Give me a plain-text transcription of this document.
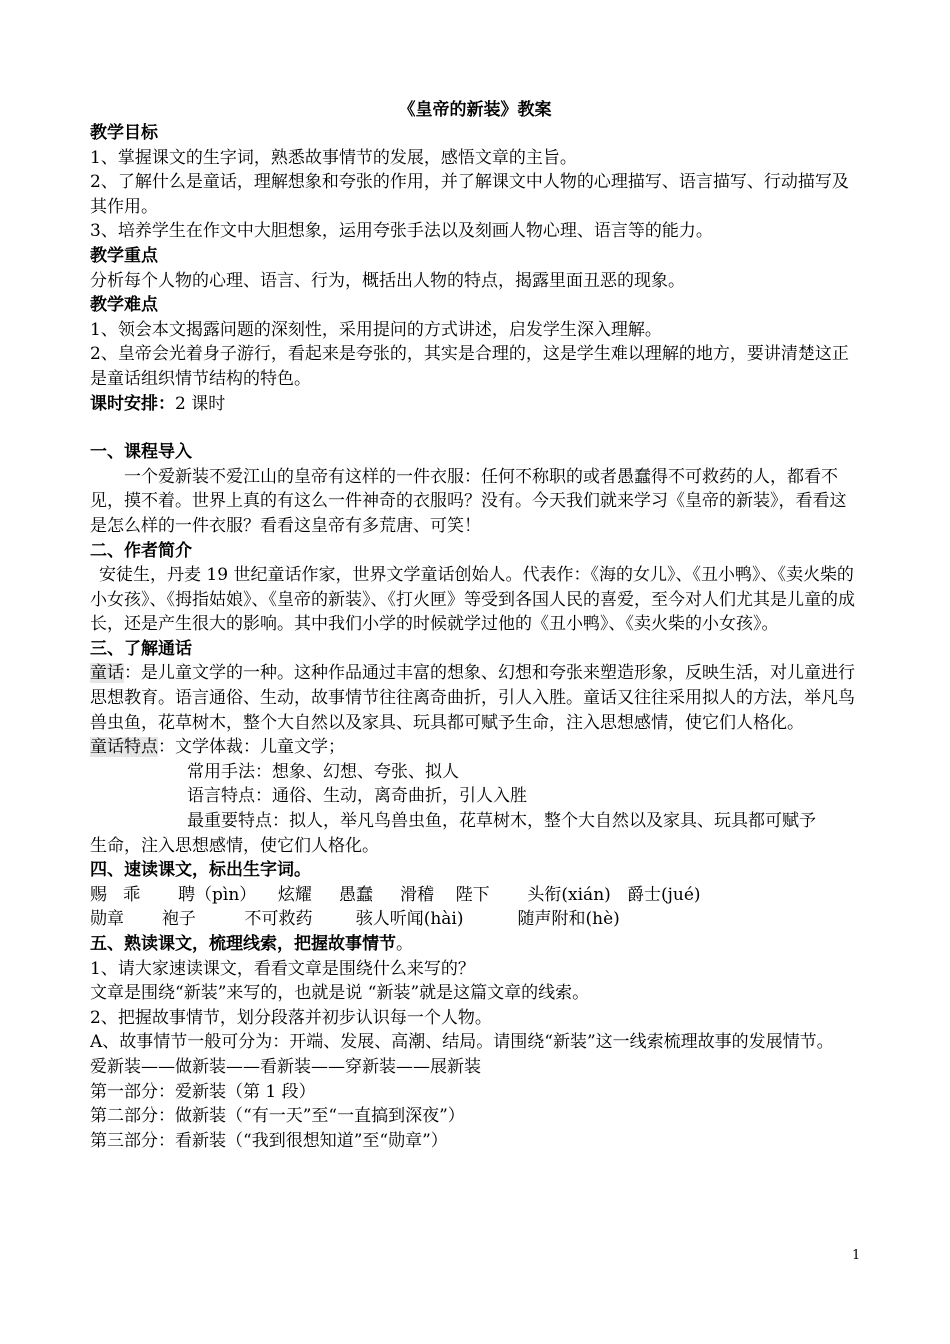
《皇帝的新装》教案

教学目标

1、掌握课文的生字词，熟悉故事情节的发展，感悟文章的主旨。

2、了解什么是童话，理解想象和夸张的作用，并了解课文中人物的心理描写、语言描写、行动描写及其作用。

3、培养学生在作文中大胆想象，运用夸张手法以及刻画人物心理、语言等的能力。

教学重点

分析每个人物的心理、语言、行为，概括出人物的特点，揭露里面丑恶的现象。

教学难点

1、领会本文揭露问题的深刻性，采用提问的方式讲述，启发学生深入理解。

2、皇帝会光着身子游行，看起来是夸张的，其实是合理的，这是学生难以理解的地方，要讲清楚这正是童话组织情节结构的特色。

课时安排：2 课时

一、课程导入

一个爱新装不爱江山的皇帝有这样的一件衣服：任何不称职的或者愚蠢得不可救药的人，都看不见，摸不着。世界上真的有这么一件神奇的衣服吗？没有。今天我们就来学习《皇帝的新装》，看看这是怎么样的一件衣服？看看这皇帝有多荒唐、可笑！

二、作者简介

安徒生，丹麦 19 世纪童话作家，世界文学童话创始人。代表作：《海的女儿》、《丑小鸭》、《卖火柴的小女孩》、《拇指姑娘》、《皇帝的新装》、《打火匣》等受到各国人民的喜爱，至今对人们尤其是儿童的成长，还是产生很大的影响。其中我们小学的时候就学过他的《丑小鸭》、《卖火柴的小女孩》。

三、了解通话

童话：是儿童文学的一种。这种作品通过丰富的想象、幻想和夸张来塑造形象，反映生活，对儿童进行思想教育。语言通俗、生动，故事情节往往离奇曲折，引人入胜。童话又往往采用拟人的方法，举凡鸟兽虫鱼，花草树木，整个大自然以及家具、玩具都可赋予生命，注入思想感情，使它们人格化。

童话特点：文学体裁：儿童文学；

常用手法：想象、幻想、夸张、拟人

语言特点：通俗、生动，离奇曲折，引人入胜

最重要特点：拟人，举凡鸟兽虫鱼，花草树木，整个大自然以及家具、玩具都可赋予

生命，注入思想感情，使它们人格化。

四、速读课文，标出生字词。

赐   乖       聘（pìn）    炫耀     愚蠢     滑稽    陛下       头衔(xián)   爵士(jué)

勋章       袍子         不可救药        骇人听闻(hài)          随声附和(hè)

五、熟读课文，梳理线索，把握故事情节。

1、请大家速读课文，看看文章是围绕什么来写的？

文章是围绕“新装”来写的，也就是说 “新装”就是这篇文章的线索。

2、把握故事情节，划分段落并初步认识每一个人物。

A、故事情节一般可分为：开端、发展、高潮、结局。请围绕“新装”这一线索梳理故事的发展情节。

爱新装——做新装——看新装——穿新装——展新装

第一部分：爱新装（第 1 段）

第二部分：做新装（“有一天”至“一直搞到深夜”）

第三部分：看新装（“我到很想知道”至“勋章”）

1
